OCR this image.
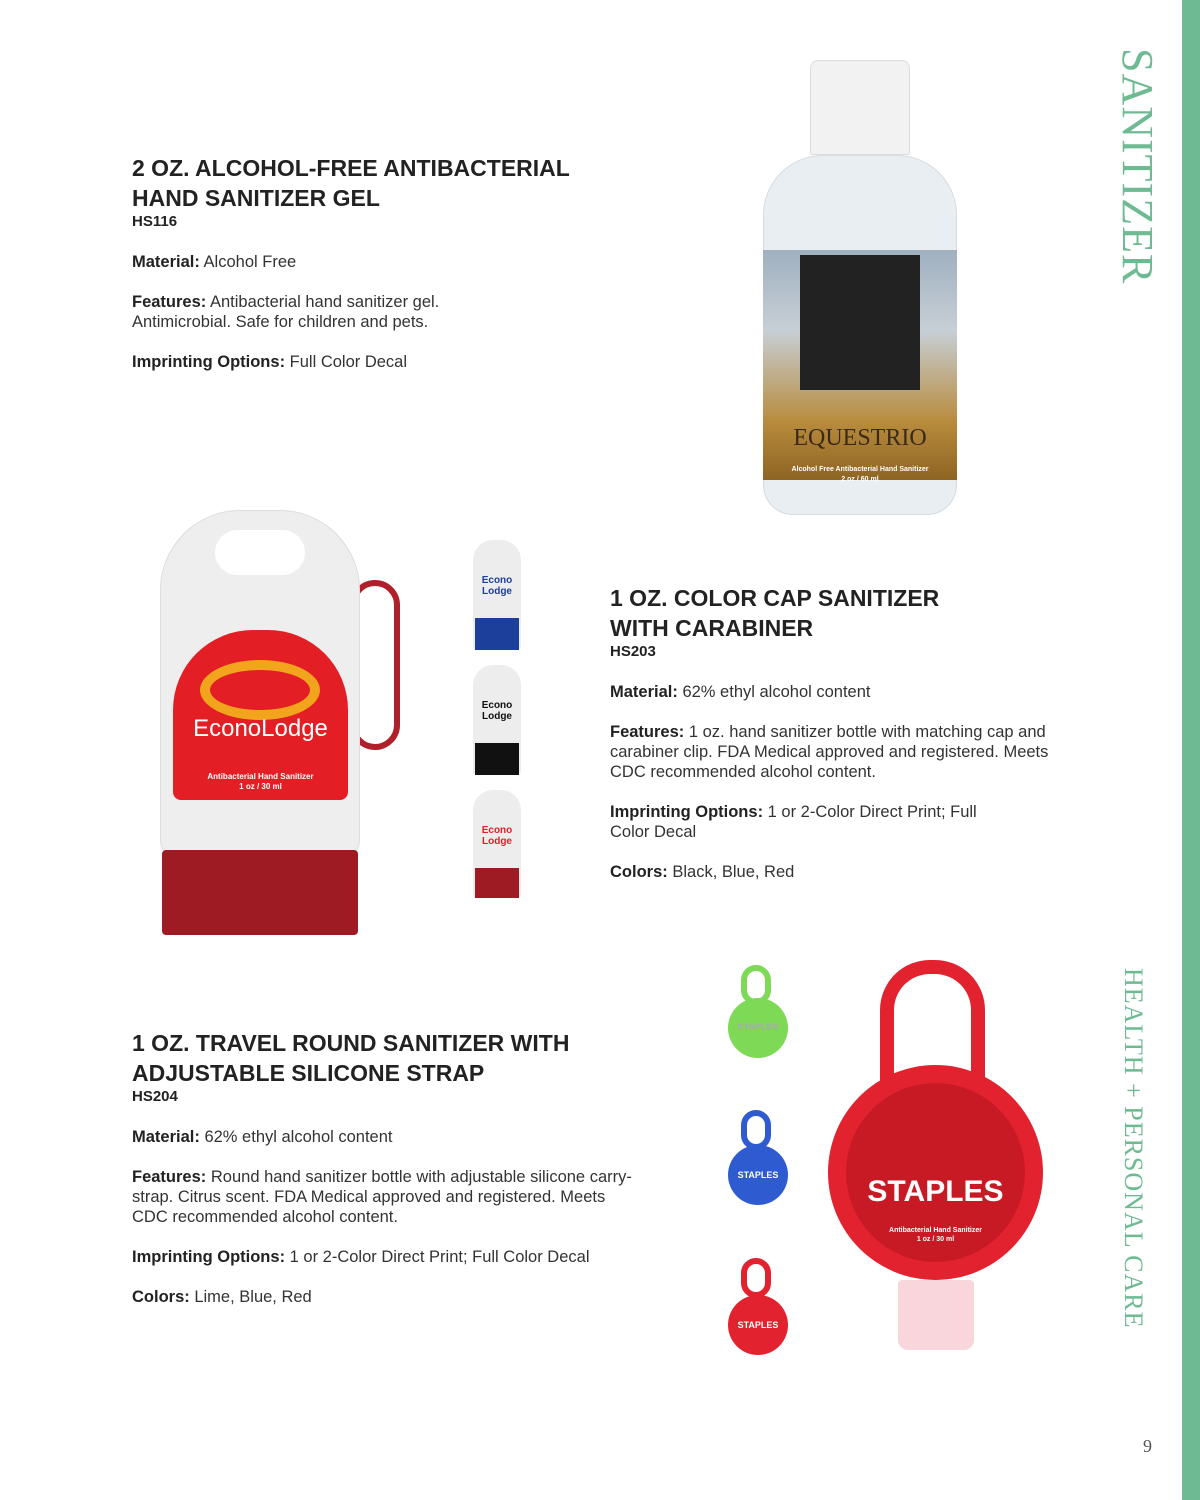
SANITIZER
HEALTH + PERSONAL CARE
9
2 OZ. ALCOHOL-FREE ANTIBACTERIAL
HAND SANITIZER GEL
HS116

Material: Alcohol Free

Features: Antibacterial hand sanitizer gel. Antimicrobial. Safe for children and pets.

Imprinting Options: Full Color Decal

EQUESTRIO
Alcohol Free Antibacterial Hand Sanitizer
2 oz / 60 ml
EconoLodge
Antibacterial Hand Sanitizer
1 oz / 30 ml
Econo Lodge
Econo Lodge
Econo Lodge
1 OZ. COLOR CAP SANITIZER
WITH CARABINER
HS203

Material: 62% ethyl alcohol content

Features: 1 oz. hand sanitizer bottle with matching cap and carabiner clip. FDA Medical approved and registered. Meets CDC recommended alcohol content.

Imprinting Options: 1 or 2-Color Direct Print; Full Color Decal

Colors: Black, Blue, Red

1 OZ. TRAVEL ROUND SANITIZER WITH
ADJUSTABLE SILICONE STRAP
HS204

Material: 62% ethyl alcohol content

Features: Round hand sanitizer bottle with adjustable silicone carry-strap. Citrus scent. FDA Medical approved and registered. Meets CDC recommended alcohol content.

Imprinting Options: 1 or 2-Color Direct Print; Full Color Decal

Colors: Lime, Blue, Red

STAPLES
STAPLES
STAPLES
STAPLES
Antibacterial Hand Sanitizer
1 oz / 30 ml
